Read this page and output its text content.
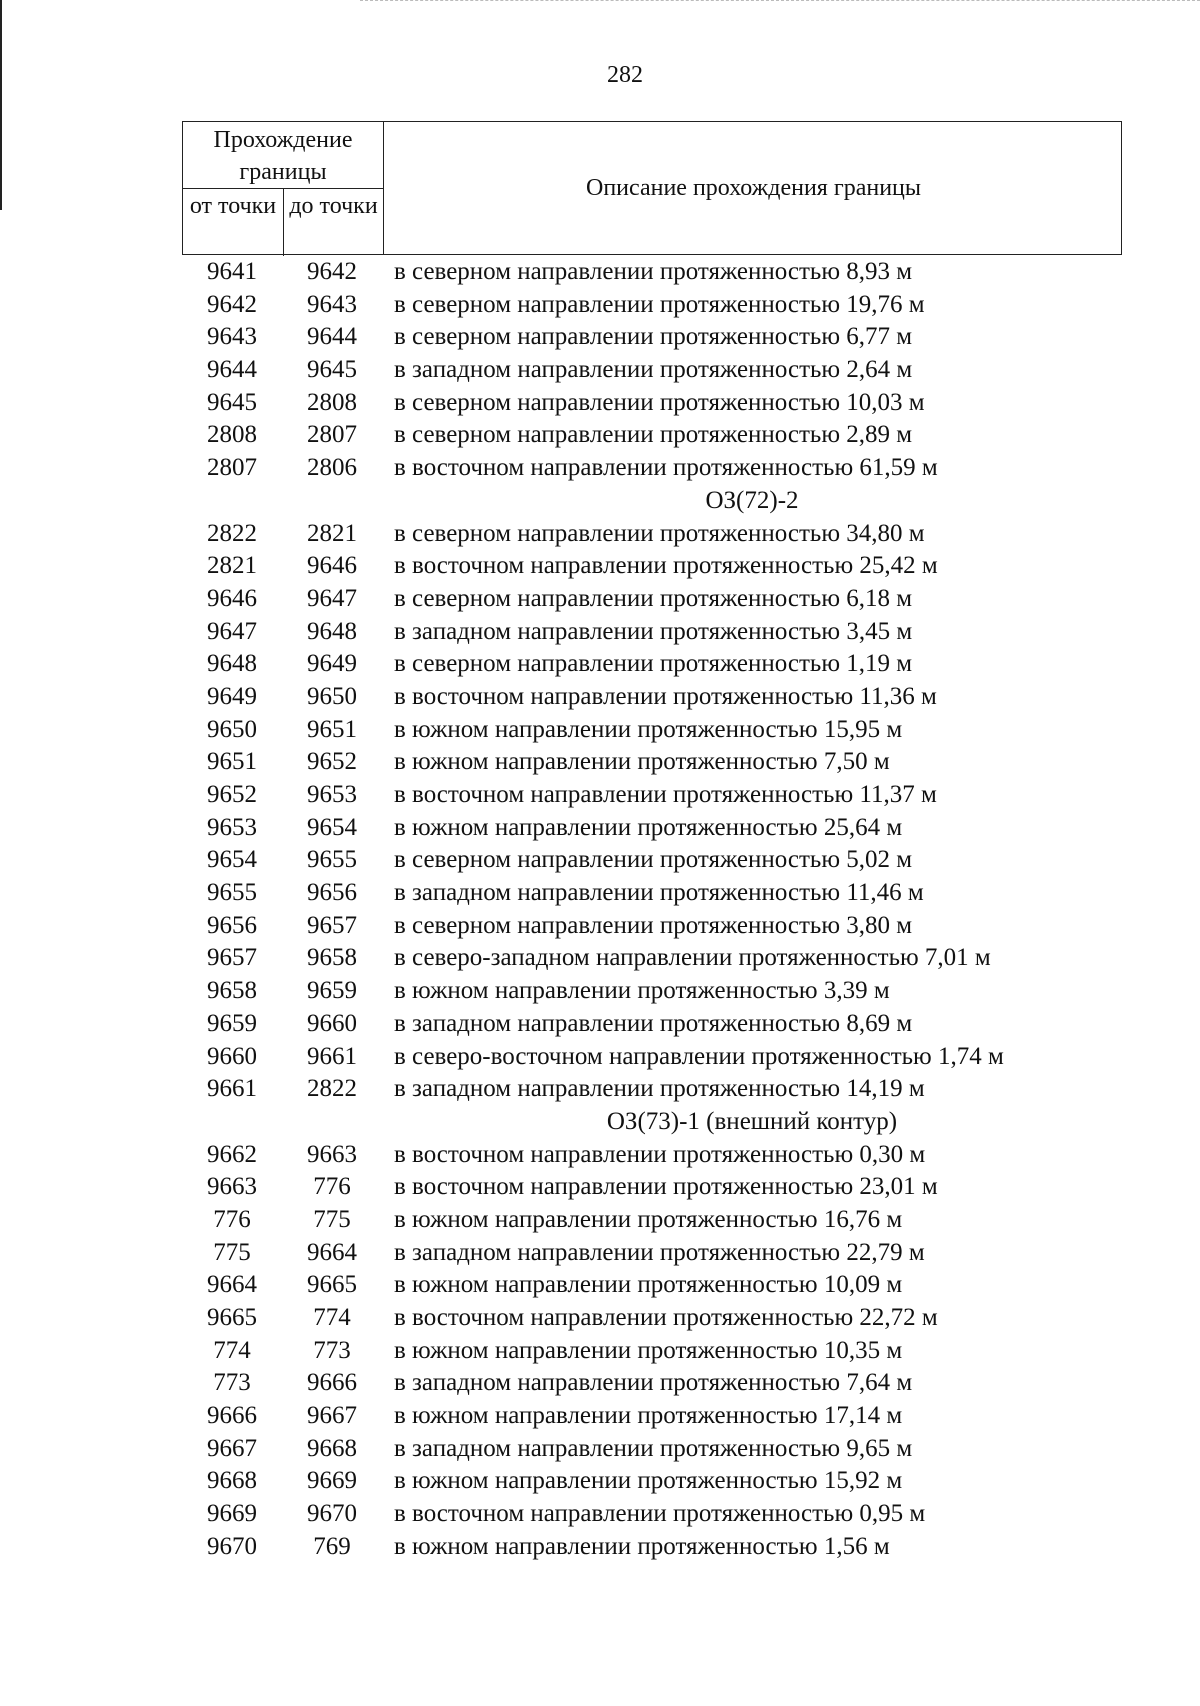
282
Прохождение границы
от точки до точки
Описание прохождения границы
9641	9642	в северном направлении протяженностью 8,93 м
9642	9643	в северном направлении протяженностью 19,76 м
9643	9644	в северном направлении протяженностью 6,77 м
9644	9645	в западном направлении протяженностью 2,64 м
9645	2808	в северном направлении протяженностью 10,03 м
2808	2807	в северном направлении протяженностью 2,89 м
2807	2806	в восточном направлении протяженностью 61,59 м
ОЗ(72)-2
2822	2821	в северном направлении протяженностью 34,80 м
2821	9646	в восточном направлении протяженностью 25,42 м
9646	9647	в северном направлении протяженностью 6,18 м
9647	9648	в западном направлении протяженностью 3,45 м
9648	9649	в северном направлении протяженностью 1,19 м
9649	9650	в восточном направлении протяженностью 11,36 м
9650	9651	в южном направлении протяженностью 15,95 м
9651	9652	в южном направлении протяженностью 7,50 м
9652	9653	в восточном направлении протяженностью 11,37 м
9653	9654	в южном направлении протяженностью 25,64 м
9654	9655	в северном направлении протяженностью 5,02 м
9655	9656	в западном направлении протяженностью 11,46 м
9656	9657	в северном направлении протяженностью 3,80 м
9657	9658	в северо-западном направлении протяженностью 7,01 м
9658	9659	в южном направлении протяженностью 3,39 м
9659	9660	в западном направлении протяженностью 8,69 м
9660	9661	в северо-восточном направлении протяженностью 1,74 м
9661	2822	в западном направлении протяженностью 14,19 м
ОЗ(73)-1 (внешний контур)
9662	9663	в восточном направлении протяженностью 0,30 м
9663	776	в восточном направлении протяженностью 23,01 м
776	775	в южном направлении протяженностью 16,76 м
775	9664	в западном направлении протяженностью 22,79 м
9664	9665	в южном направлении протяженностью 10,09 м
9665	774	в восточном направлении протяженностью 22,72 м
774	773	в южном направлении протяженностью 10,35 м
773	9666	в западном направлении протяженностью 7,64 м
9666	9667	в южном направлении протяженностью 17,14 м
9667	9668	в западном направлении протяженностью 9,65 м
9668	9669	в южном направлении протяженностью 15,92 м
9669	9670	в восточном направлении протяженностью 0,95 м
9670	769	в южном направлении протяженностью 1,56 м
